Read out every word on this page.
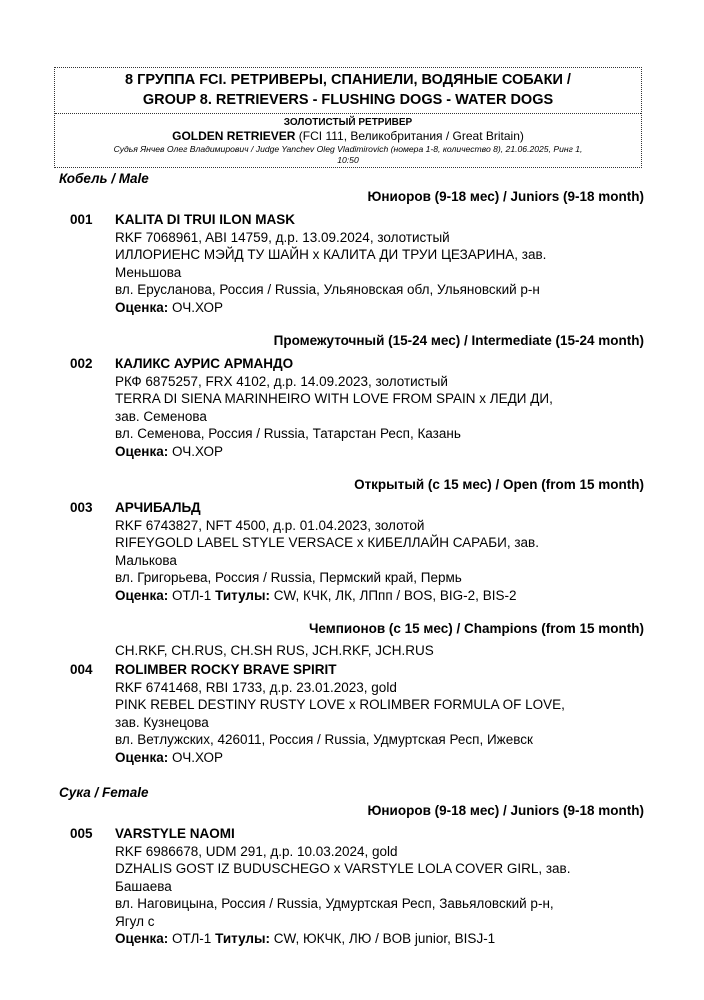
8 ГРУППА FCI. РЕТРИВЕРЫ, СПАНИЕЛИ, ВОДЯНЫЕ СОБАКИ /
GROUP 8. RETRIEVERS - FLUSHING DOGS - WATER DOGS
ЗОЛОТИСТЫЙ РЕТРИВЕР
GOLDEN RETRIEVER (FCI 111, Великобритания / Great Britain)
Судья Янчев Олег Владимирович / Judge Yanchev Oleg Vladimirovich (номера 1-8, количество 8), 21.06.2025, Ринг 1,
10:50
Кобель / Male
Юниоров (9-18 мес) / Juniors (9-18 month)
001 KALITA DI TRUI ILON MASK
RKF 7068961, ABI 14759, д.р. 13.09.2024, золотистый
ИЛЛОРИЕНС МЭЙД ТУ ШАЙН x КАЛИТА ДИ ТРУИ ЦЕЗАРИНА, зав.
Меньшова
вл. Ерусланова, Россия / Russia, Ульяновская обл, Ульяновский р-н
Оценка: ОЧ.ХОР
Промежуточный (15-24 мес) / Intermediate (15-24 month)
002 КАЛИКС АУРИС АРМАНДО
РКФ 6875257, FRX 4102, д.р. 14.09.2023, золотистый
TERRA DI SIENA MARINHEIRO WITH LOVE FROM SPAIN x ЛЕДИ ДИ,
зав. Семенова
вл. Семенова, Россия / Russia, Татарстан Респ, Казань
Оценка: ОЧ.ХОР
Открытый (с 15 мес) / Open (from 15 month)
003 АРЧИБАЛЬД
RKF 6743827, NFT 4500, д.р. 01.04.2023, золотой
RIFEYGOLD LABEL STYLE VERSACE x КИБЕЛЛАЙН САРАБИ, зав.
Малькова
вл. Григорьева, Россия / Russia, Пермский край, Пермь
Оценка: ОТЛ-1 Титулы: CW, КЧК, ЛК, ЛПпп / BOS, BIG-2, BIS-2
Чемпионов (с 15 мес) / Champions (from 15 month)
CH.RKF, CH.RUS, CH.SH RUS, JCH.RKF, JCH.RUS
004 ROLIMBER ROCKY BRAVE SPIRIT
RKF 6741468, RBI 1733, д.р. 23.01.2023, gold
PINK REBEL DESTINY RUSTY LOVE x ROLIMBER FORMULA OF LOVE,
зав. Кузнецова
вл. Ветлужских, 426011, Россия / Russia, Удмуртская Респ, Ижевск
Оценка: ОЧ.ХОР
Сука / Female
Юниоров (9-18 мес) / Juniors (9-18 month)
005 VARSTYLE NAOMI
RKF 6986678, UDM 291, д.р. 10.03.2024, gold
DZHALIS GOST IZ BUDUSCHEGO x VARSTYLE LOLA COVER GIRL, зав.
Башаева
вл. Наговицына, Россия / Russia, Удмуртская Респ, Завьяловский р-н,
Ягул с
Оценка: ОТЛ-1 Титулы: CW, ЮКЧК, ЛЮ / BOB junior, BISJ-1
